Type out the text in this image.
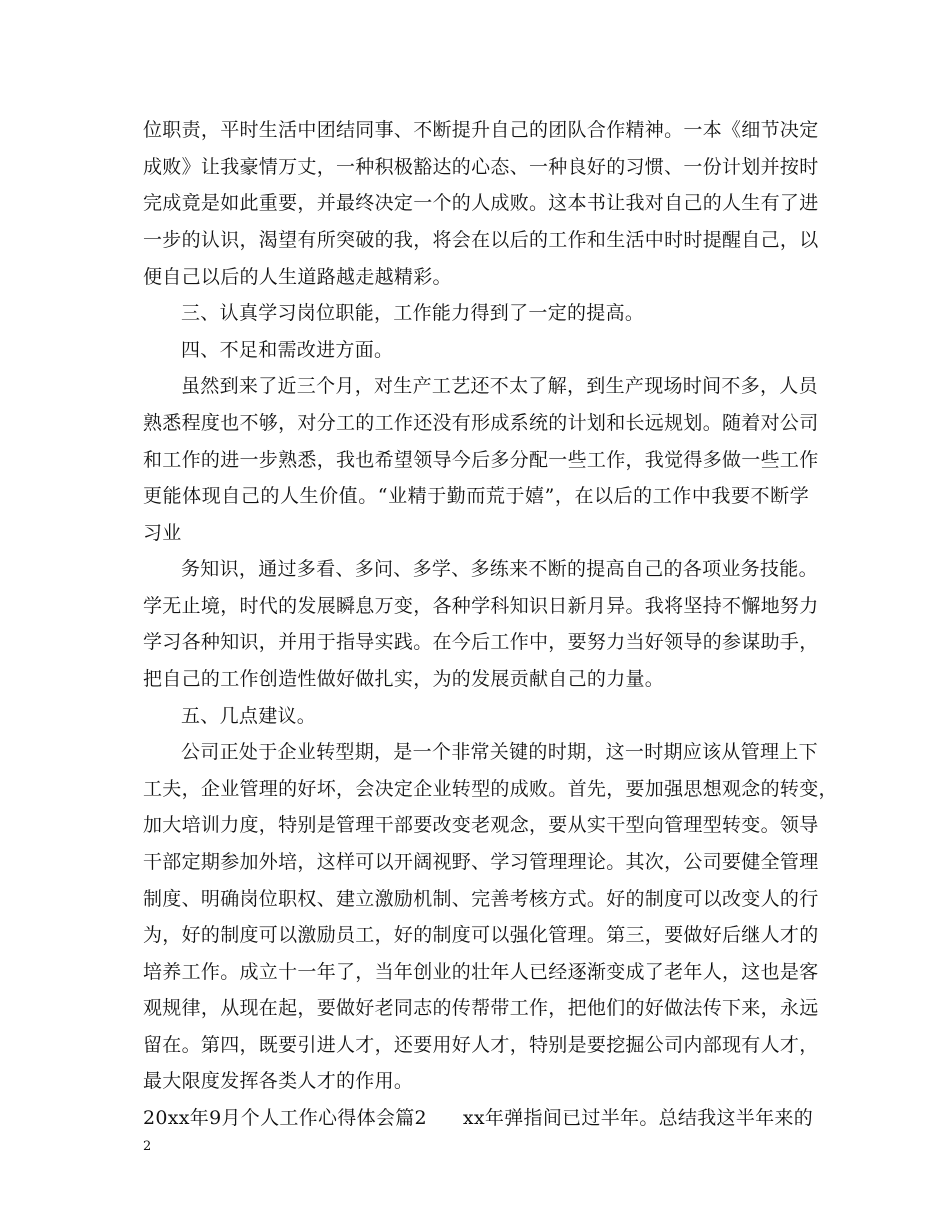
位职责，平时生活中团结同事、不断提升自己的团队合作精神。一本《细节决定
成败》让我豪情万丈，一种积极豁达的心态、一种良好的习惯、一份计划并按时
完成竟是如此重要，并最终决定一个的人成败。这本书让我对自己的人生有了进
一步的认识，渴望有所突破的我，将会在以后的工作和生活中时时提醒自己，以
便自己以后的人生道路越走越精彩。
三、认真学习岗位职能，工作能力得到了一定的提高。
四、不足和需改进方面。
虽然到来了近三个月，对生产工艺还不太了解，到生产现场时间不多，人员
熟悉程度也不够，对分工的工作还没有形成系统的计划和长远规划。随着对公司
和工作的进一步熟悉，我也希望领导今后多分配一些工作，我觉得多做一些工作
更能体现自己的人生价值。“业精于勤而荒于嬉”，在以后的工作中我要不断学
习业
务知识，通过多看、多问、多学、多练来不断的提高自己的各项业务技能。
学无止境，时代的发展瞬息万变，各种学科知识日新月异。我将坚持不懈地努力
学习各种知识，并用于指导实践。在今后工作中，要努力当好领导的参谋助手，
把自己的工作创造性做好做扎实，为的发展贡献自己的力量。
五、几点建议。
公司正处于企业转型期，是一个非常关键的时期，这一时期应该从管理上下
工夫，企业管理的好坏，会决定企业转型的成败。首先，要加强思想观念的转变，
加大培训力度，特别是管理干部要改变老观念，要从实干型向管理型转变。领导
干部定期参加外培，这样可以开阔视野、学习管理理论。其次，公司要健全管理
制度、明确岗位职权、建立激励机制、完善考核方式。好的制度可以改变人的行
为，好的制度可以激励员工，好的制度可以强化管理。第三，要做好后继人才的
培养工作。成立十一年了，当年创业的壮年人已经逐渐变成了老年人，这也是客
观规律，从现在起，要做好老同志的传帮带工作，把他们的好做法传下来，永远
留在。第四，既要引进人才，还要用好人才，特别是要挖掘公司内部现有人才，
最大限度发挥各类人才的作用。
20xx年9月个人工作心得体会篇2 xx年弹指间已过半年。总结我这半年来的
2
